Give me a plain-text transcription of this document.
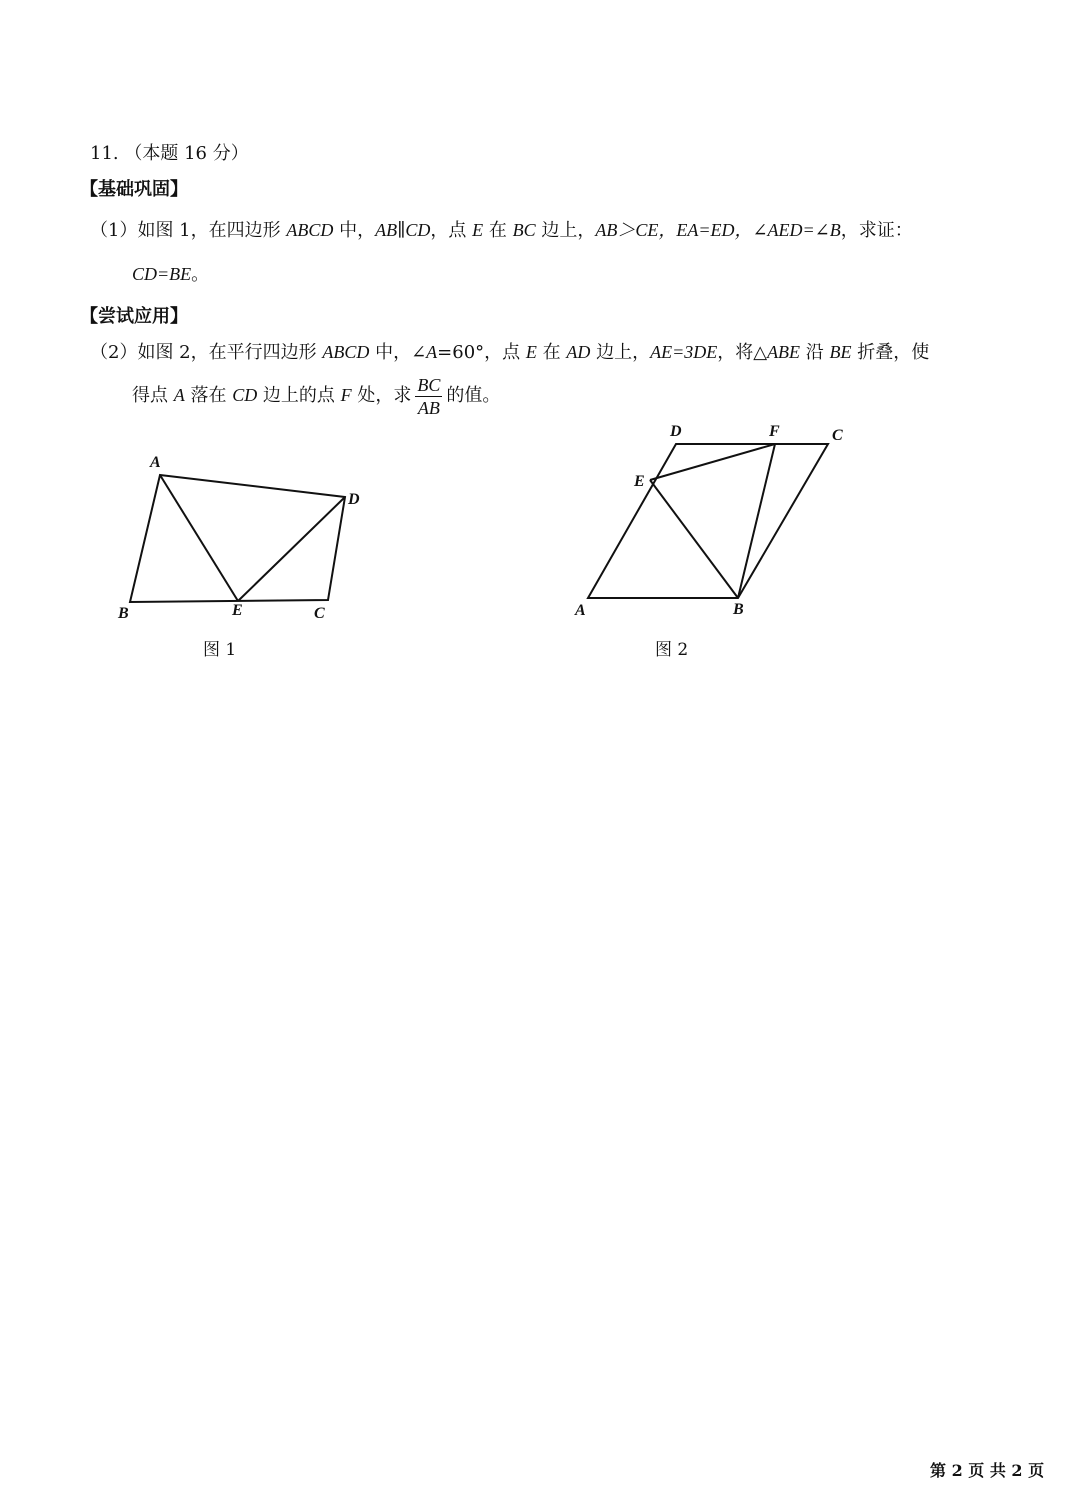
11. （本题 16 分）
【基础巩固】
（1）如图 1，在四边形 ABCD 中，AB∥CD，点 E 在 BC 边上，AB＞CE，EA=ED，∠AED=∠B，求证：
CD=BE。
【尝试应用】
（2）如图 2，在平行四边形 ABCD 中，∠A=60°，点 E 在 AD 边上，AE=3DE，将△ABE 沿 BE 折叠，使
得点 A 落在 CD 边上的点 F 处，求 $\frac{BC}{AB}$ 的值。
A
B	E	C
D
图 1
D	F	C
E
A	B
图 2
第 2 页 共 2 页
